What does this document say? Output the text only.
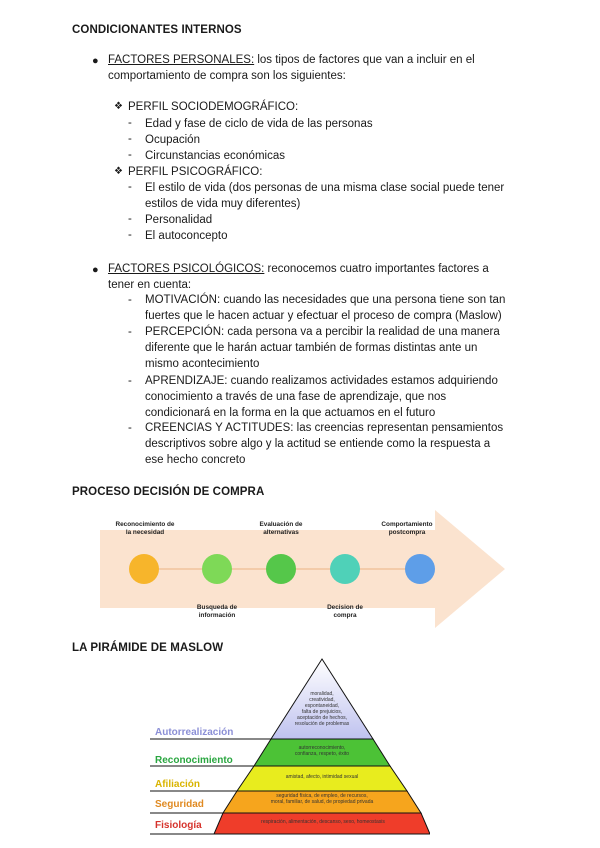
CONDICIONANTES INTERNOS
● FACTORES PERSONALES: los tipos de factores que van a incluir en el
comportamiento de compra son los siguientes:
❖ PERFIL SOCIODEMOGRÁFICO:
- Edad y fase de ciclo de vida de las personas
- Ocupación
- Circunstancias económicas
❖ PERFIL PSICOGRÁFICO:
- El estilo de vida (dos personas de una misma clase social puede tener
estilos de vida muy diferentes)
- Personalidad
- El autoconcepto
● FACTORES PSICOLÓGICOS: reconocemos cuatro importantes factores a
tener en cuenta:
- MOTIVACIÓN: cuando las necesidades que una persona tiene son tan
fuertes que le hacen actuar y efectuar el proceso de compra (Maslow)
- PERCEPCIÓN: cada persona va a percibir la realidad de una manera
diferente que le harán actuar también de formas distintas ante un
mismo acontecimiento
- APRENDIZAJE: cuando realizamos actividades estamos adquiriendo
conocimiento a través de una fase de aprendizaje, que nos
condicionará en la forma en la que actuamos en el futuro
- CREENCIAS Y ACTITUDES: las creencias representan pensamientos
descriptivos sobre algo y la actitud se entiende como la respuesta a
ese hecho concreto
PROCESO DECISIÓN DE COMPRA
Reconocimiento de
la necesidad
Evaluación de
alternativas
Comportamiento
postcompra
Busqueda de
información
Decision de
compra
LA PIRÁMIDE DE MASLOW
Autorrealización
Reconocimiento
Afiliación
Seguridad
Fisiología
moralidad,
creatividad,
espontaneidad,
falta de prejuicios,
aceptación de hechos,
resolución de problemas
autorreconocimiento,
confianza, respeto, éxito
amistad, afecto, intimidad sexual
seguridad física, de empleo, de recursos,
moral, familiar, de salud, de propiedad privada
respiración, alimentación, descanso, sexo, homeostasis
